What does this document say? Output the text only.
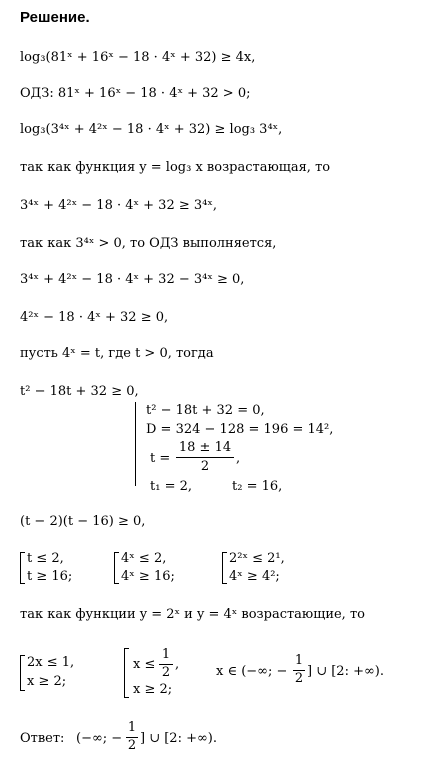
Решение.
log₃(81ˣ + 16ˣ − 18 · 4ˣ + 32) ≥ 4x,
ОДЗ: 81ˣ + 16ˣ − 18 · 4ˣ + 32 > 0;
log₃(3⁴ˣ + 4²ˣ − 18 · 4ˣ + 32) ≥ log₃ 3⁴ˣ,
так как функция y = log₃ x возрастающая, то
3⁴ˣ + 4²ˣ − 18 · 4ˣ + 32 ≥ 3⁴ˣ,
так как 3⁴ˣ > 0, то ОДЗ выполняется,
3⁴ˣ + 4²ˣ − 18 · 4ˣ + 32 − 3⁴ˣ ≥ 0,
4²ˣ − 18 · 4ˣ + 32 ≥ 0,
пусть 4ˣ = t, где t > 0, тогда
t² − 18t + 32 ≥ 0,
t² − 18t + 32 = 0,
D = 324 − 128 = 196 = 14²,
t =
18 ± 14
2
,
t₁ = 2,	t₂ = 16,
(t − 2)(t − 16) ≥ 0,
t ≤ 2,
t ≥ 16;
4ˣ ≤ 2,
4ˣ ≥ 16;
2²ˣ ≤ 2¹,
4ˣ ≥ 4²;
так как функции y = 2ˣ и y = 4ˣ возрастающие, то
2x ≤ 1,
x ≥ 2;
x ≤
1
2
,
x ≥ 2;
x ∈ (−∞; −
1
2 ] ∪ [2: +∞).
Ответ: (−∞; −
1
2 ] ∪ [2: +∞).
